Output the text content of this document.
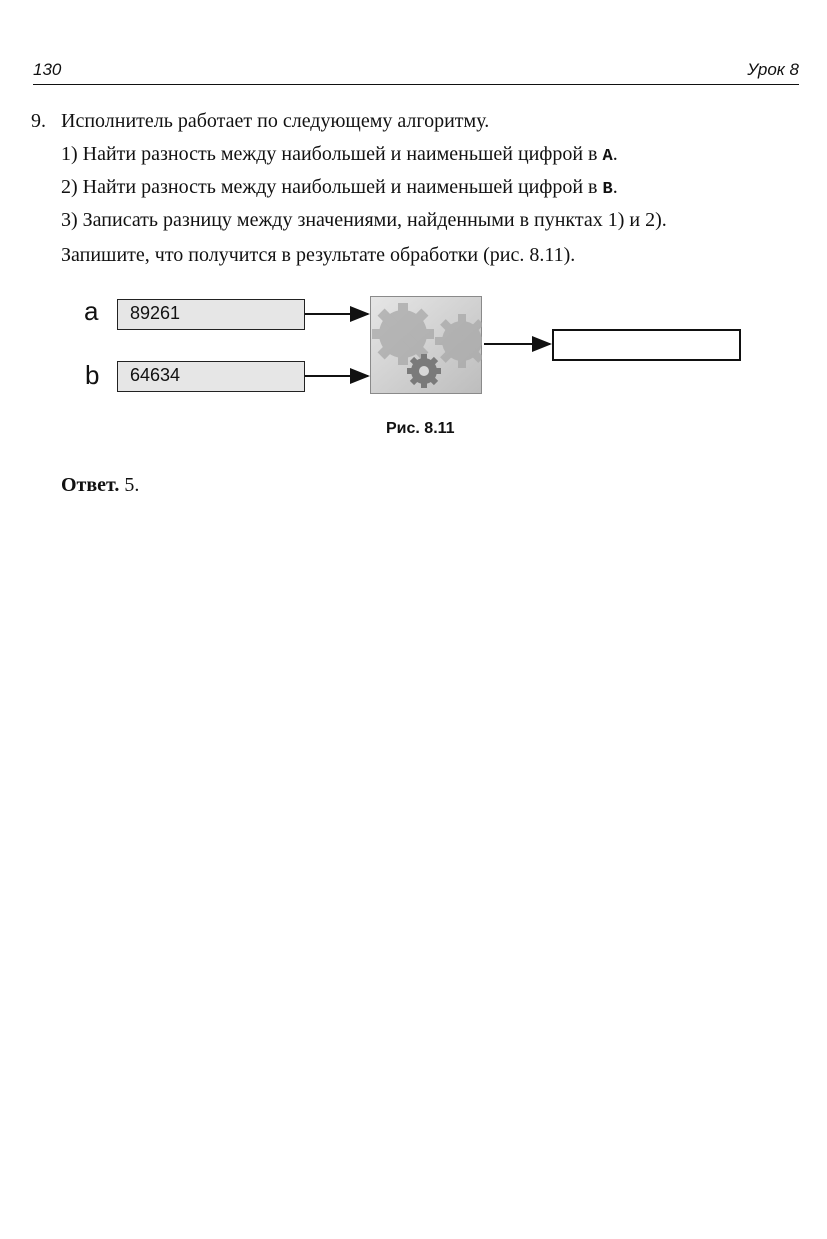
130	Урок 8
9. Исполнитель работает по следующему алгоритму.
1) Найти разность между наибольшей и наименьшей цифрой в A.
2) Найти разность между наибольшей и наименьшей цифрой в B.
3) Записать разницу между значениями, найденными в пунктах 1) и 2).
Запишите, что получится в результате обработки (рис. 8.11).
a	89261
b	64634
Рис. 8.11
Ответ. 5.
